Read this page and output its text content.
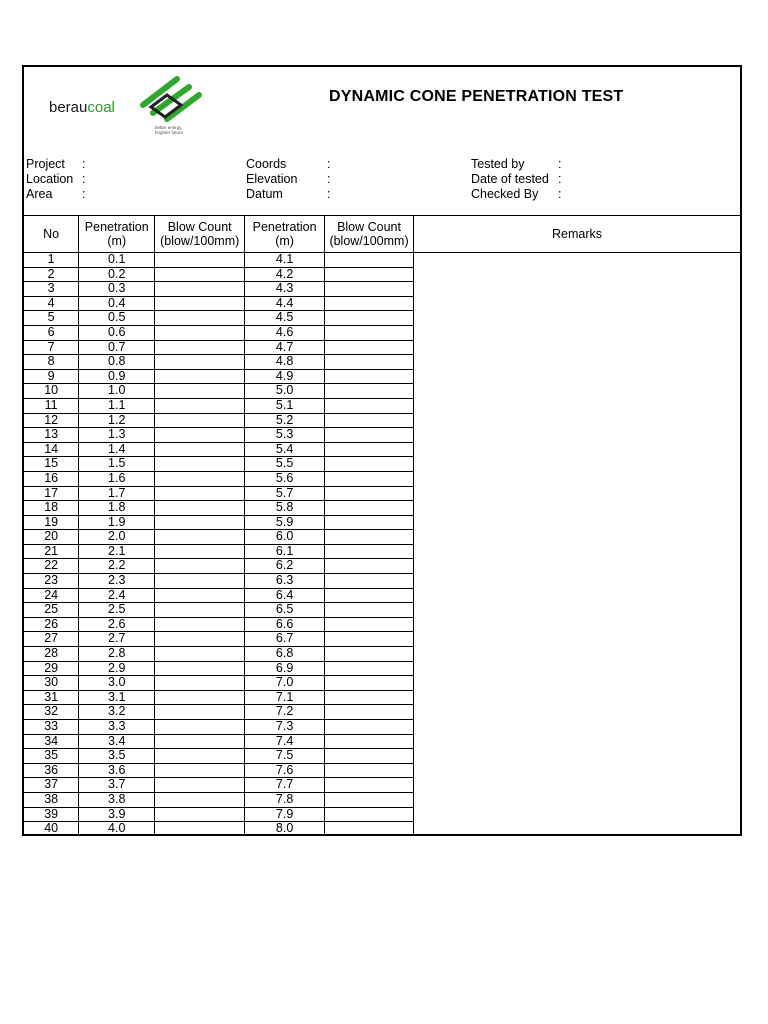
beraucoal
better energy,
brighter future
DYNAMIC CONE PENETRATION TEST
Project :
Location :
Area :
Coords	:
Elevation :
Datum	:
Tested by	:
Date of tested :
Checked By :
No	Penetration (m)	Blow Count (blow/100mm)	Penetration (m)	Blow Count (blow/100mm)	Remarks
1	0.1		4.1		
2	0.2		4.2		
3	0.3		4.3		
4	0.4		4.4		
5	0.5		4.5		
6	0.6		4.6		
7	0.7		4.7		
8	0.8		4.8		
9	0.9		4.9		
10	1.0		5.0		
11	1.1		5.1		
12	1.2		5.2		
13	1.3		5.3		
14	1.4		5.4		
15	1.5		5.5		
16	1.6		5.6		
17	1.7		5.7		
18	1.8		5.8		
19	1.9		5.9		
20	2.0		6.0		
21	2.1		6.1		
22	2.2		6.2		
23	2.3		6.3		
24	2.4		6.4		
25	2.5		6.5		
26	2.6		6.6		
27	2.7		6.7		
28	2.8		6.8		
29	2.9		6.9		
30	3.0		7.0		
31	3.1		7.1		
32	3.2		7.2		
33	3.3		7.3		
34	3.4		7.4		
35	3.5		7.5		
36	3.6		7.6		
37	3.7		7.7		
38	3.8		7.8		
39	3.9		7.9		
40	4.0		8.0		
